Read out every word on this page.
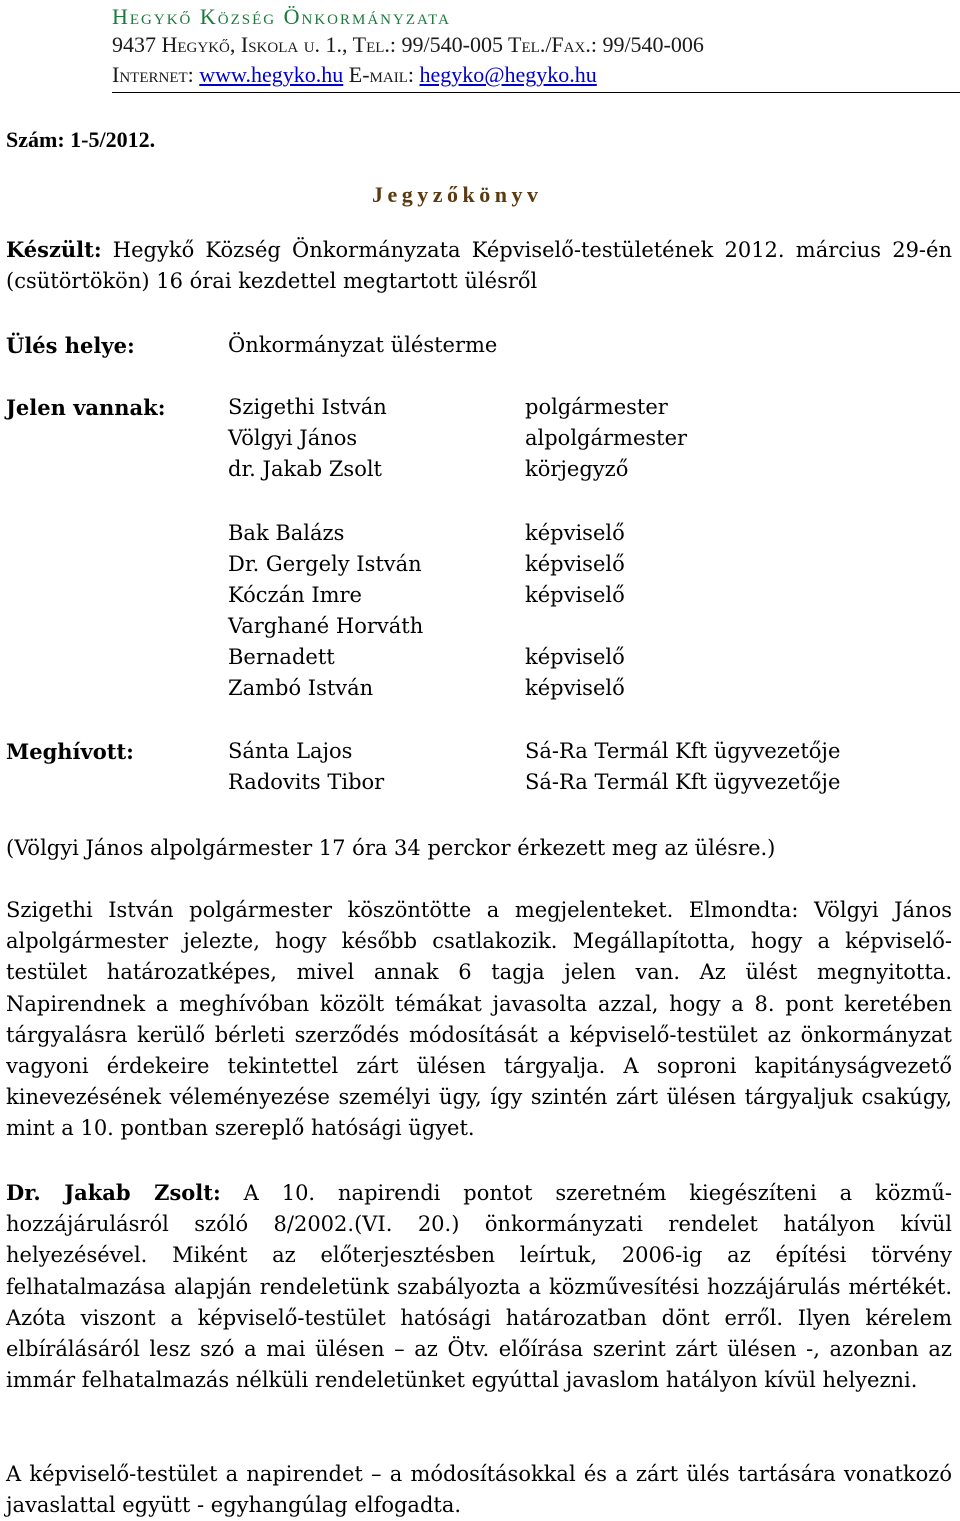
Hegykő Község Önkormányzata
9437 Hegykő, Iskola u. 1., Tel.: 99/540-005 Tel./Fax.: 99/540-006
Internet: www.hegyko.hu E-mail: hegyko@hegyko.hu
Szám: 1-5/2012.
Jegyzőkönyv
Készült: Hegykő Község Önkormányzata Képviselő-testületének 2012. március 29-én (csütörtökön) 16 órai kezdettel megtartott ülésről
Ülés helye:	Önkormányzat ülésterme
Jelen vannak:	Szigethi István	polgármester
Völgyi János	alpolgármester
dr. Jakab Zsolt	körjegyző
Bak Balázs	képviselő
Dr. Gergely István	képviselő
Kóczán Imre	képviselő
Varghané Horváth
Bernadett	képviselő
Zambó István	képviselő
Meghívott:	Sánta Lajos	Sá-Ra Termál Kft ügyvezetője
Radovits Tibor	Sá-Ra Termál Kft ügyvezetője
(Völgyi János alpolgármester 17 óra 34 perckor érkezett meg az ülésre.)
Szigethi István polgármester köszöntötte a megjelenteket. Elmondta: Völgyi János alpolgármester jelezte, hogy később csatlakozik. Megállapította, hogy a képviselő-testület határozatképes, mivel annak 6 tagja jelen van. Az ülést megnyitotta. Napirendnek a meghívóban közölt témákat javasolta azzal, hogy a 8. pont keretében tárgyalásra kerülő bérleti szerződés módosítását a képviselő-testület az önkormányzat vagyoni érdekeire tekintettel zárt ülésen tárgyalja. A soproni kapitányságvezető kinevezésének véleményezése személyi ügy, így szintén zárt ülésen tárgyaljuk csakúgy, mint a 10. pontban szereplő hatósági ügyet.
Dr. Jakab Zsolt: A 10. napirendi pontot szeretném kiegészíteni a közmű-hozzájárulásról szóló 8/2002.(VI. 20.) önkormányzati rendelet hatályon kívül helyezésével. Miként az előterjesztésben leírtuk, 2006-ig az építési törvény felhatalmazása alapján rendeletünk szabályozta a közművesítési hozzájárulás mértékét. Azóta viszont a képviselő-testület hatósági határozatban dönt erről. Ilyen kérelem elbírálásáról lesz szó a mai ülésen – az Ötv. előírása szerint zárt ülésen -, azonban az immár felhatalmazás nélküli rendeletünket egyúttal javaslom hatályon kívül helyezni.
A képviselő-testület a napirendet – a módosításokkal és a zárt ülés tartására vonatkozó javaslattal együtt - egyhangúlag elfogadta.
